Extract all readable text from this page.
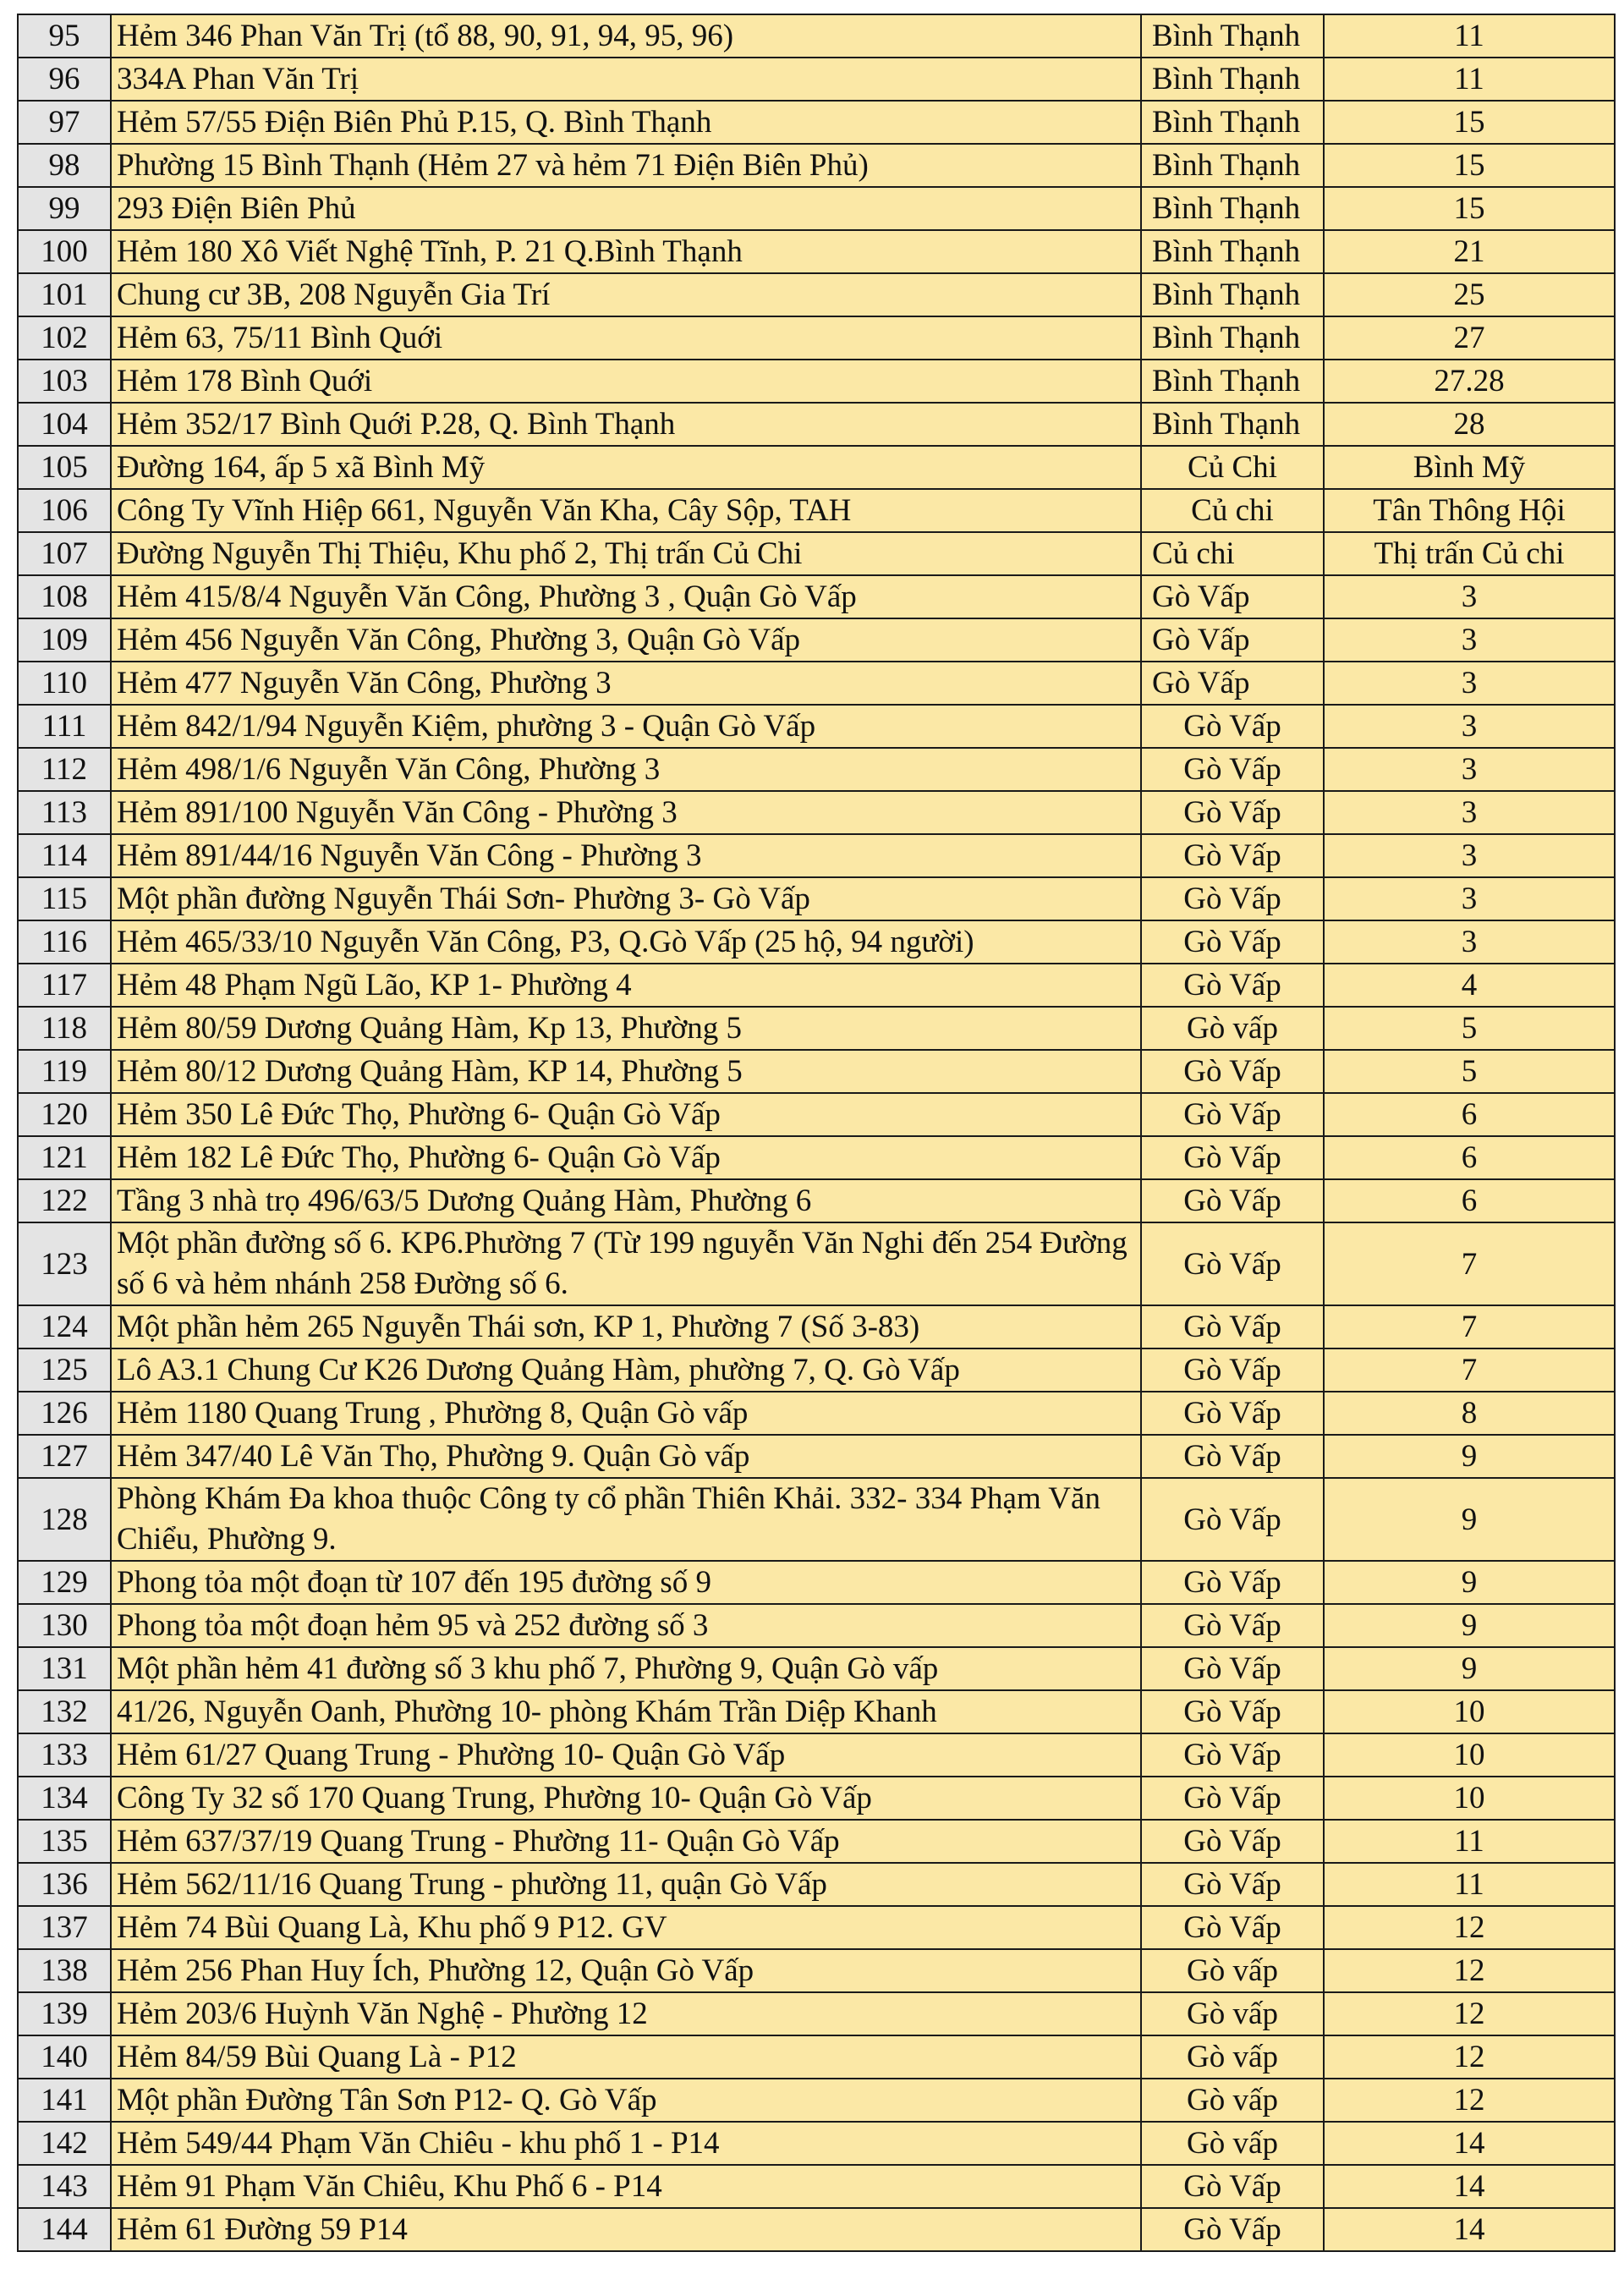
95	Hẻm 346 Phan Văn Trị (tổ 88, 90, 91, 94, 95, 96)	Bình Thạnh	11
96	334A Phan Văn Trị	Bình Thạnh	11
97	Hẻm 57/55 Điện Biên Phủ P.15, Q. Bình Thạnh	Bình Thạnh	15
98	Phường 15 Bình Thạnh (Hẻm 27 và hẻm 71 Điện Biên Phủ)	Bình Thạnh	15
99	293 Điện Biên Phủ	Bình Thạnh	15
100	Hẻm 180 Xô Viết Nghệ Tĩnh, P. 21 Q.Bình Thạnh	Bình Thạnh	21
101	Chung cư 3B, 208 Nguyễn Gia Trí	Bình Thạnh	25
102	Hẻm 63, 75/11 Bình Quới	Bình Thạnh	27
103	Hẻm 178 Bình Quới	Bình Thạnh	27.28
104	Hẻm 352/17 Bình Quới P.28, Q. Bình Thạnh	Bình Thạnh	28
105	Đường 164, ấp 5 xã Bình Mỹ	Củ Chi	Bình Mỹ
106	Công Ty Vĩnh Hiệp 661, Nguyễn Văn Kha, Cây Sộp, TAH	Củ chi	Tân Thông Hội
107	Đường Nguyễn Thị Thiệu, Khu phố 2, Thị trấn Củ Chi	Củ chi	Thị trấn Củ chi
108	Hẻm 415/8/4 Nguyễn Văn Công, Phường 3 , Quận Gò Vấp	Gò Vấp	3
109	Hẻm 456 Nguyễn Văn Công, Phường 3, Quận Gò Vấp	Gò Vấp	3
110	Hẻm 477 Nguyễn Văn Công, Phường 3	Gò Vấp	3
111	Hẻm 842/1/94 Nguyễn Kiệm, phường 3 - Quận Gò Vấp	Gò Vấp	3
112	Hẻm 498/1/6 Nguyễn Văn Công, Phường 3	Gò Vấp	3
113	Hẻm 891/100 Nguyễn Văn Công - Phường 3	Gò Vấp	3
114	Hẻm 891/44/16 Nguyễn Văn Công - Phường 3	Gò Vấp	3
115	Một phần đường Nguyễn Thái Sơn- Phường 3- Gò Vấp	Gò Vấp	3
116	Hẻm 465/33/10 Nguyễn Văn Công, P3, Q.Gò Vấp (25 hộ, 94 người)	Gò Vấp	3
117	Hẻm 48 Phạm Ngũ Lão, KP 1- Phường 4	Gò Vấp	4
118	Hẻm 80/59 Dương Quảng Hàm, Kp 13, Phường 5	Gò vấp	5
119	Hẻm 80/12 Dương Quảng Hàm, KP 14, Phường 5	Gò Vấp	5
120	Hẻm 350 Lê Đức Thọ, Phường 6- Quận Gò Vấp	Gò Vấp	6
121	Hẻm 182 Lê Đức Thọ, Phường 6- Quận Gò Vấp	Gò Vấp	6
122	Tầng 3 nhà trọ 496/63/5 Dương Quảng Hàm, Phường 6	Gò Vấp	6
123	Một phần đường số 6. KP6.Phường 7 (Từ 199 nguyễn Văn Nghi đến 254 Đường số 6 và hẻm nhánh 258 Đường số 6.	Gò Vấp	7
124	Một phần hẻm 265 Nguyễn Thái sơn, KP 1, Phường 7 (Số 3-83)	Gò Vấp	7
125	Lô A3.1 Chung Cư K26 Dương Quảng Hàm, phường 7, Q. Gò Vấp	Gò Vấp	7
126	Hẻm 1180 Quang Trung , Phường 8, Quận Gò vấp	Gò Vấp	8
127	Hẻm 347/40 Lê Văn Thọ, Phường 9. Quận Gò vấp	Gò Vấp	9
128	Phòng Khám Đa khoa thuộc Công ty cổ phần Thiên Khải. 332- 334 Phạm Văn Chiểu, Phường 9.	Gò Vấp	9
129	Phong tỏa một đoạn từ 107 đến 195 đường số 9	Gò Vấp	9
130	Phong tỏa một đoạn hẻm 95 và 252 đường số 3	Gò Vấp	9
131	Một phần hẻm 41 đường số 3 khu phố 7, Phường 9, Quận Gò vấp	Gò Vấp	9
132	41/26, Nguyễn Oanh, Phường 10- phòng Khám Trần Diệp Khanh	Gò Vấp	10
133	Hẻm 61/27 Quang Trung - Phường 10- Quận Gò Vấp	Gò Vấp	10
134	Công Ty 32 số 170 Quang Trung, Phường 10- Quận Gò Vấp	Gò Vấp	10
135	Hẻm 637/37/19 Quang Trung - Phường 11- Quận Gò Vấp	Gò Vấp	11
136	Hẻm 562/11/16 Quang Trung - phường 11, quận Gò Vấp	Gò Vấp	11
137	Hẻm 74 Bùi Quang Là, Khu phố 9 P12. GV	Gò Vấp	12
138	Hẻm 256 Phan Huy Ích, Phường 12, Quận Gò Vấp	Gò vấp	12
139	Hẻm 203/6 Huỳnh Văn Nghệ - Phường 12	Gò vấp	12
140	Hẻm 84/59 Bùi Quang Là - P12	Gò vấp	12
141	Một phần Đường Tân Sơn P12- Q. Gò Vấp	Gò vấp	12
142	Hẻm 549/44 Phạm Văn Chiêu - khu phố 1 - P14	Gò vấp	14
143	Hẻm 91 Phạm Văn Chiêu, Khu Phố 6 - P14	Gò Vấp	14
144	Hẻm 61 Đường 59 P14	Gò Vấp	14
